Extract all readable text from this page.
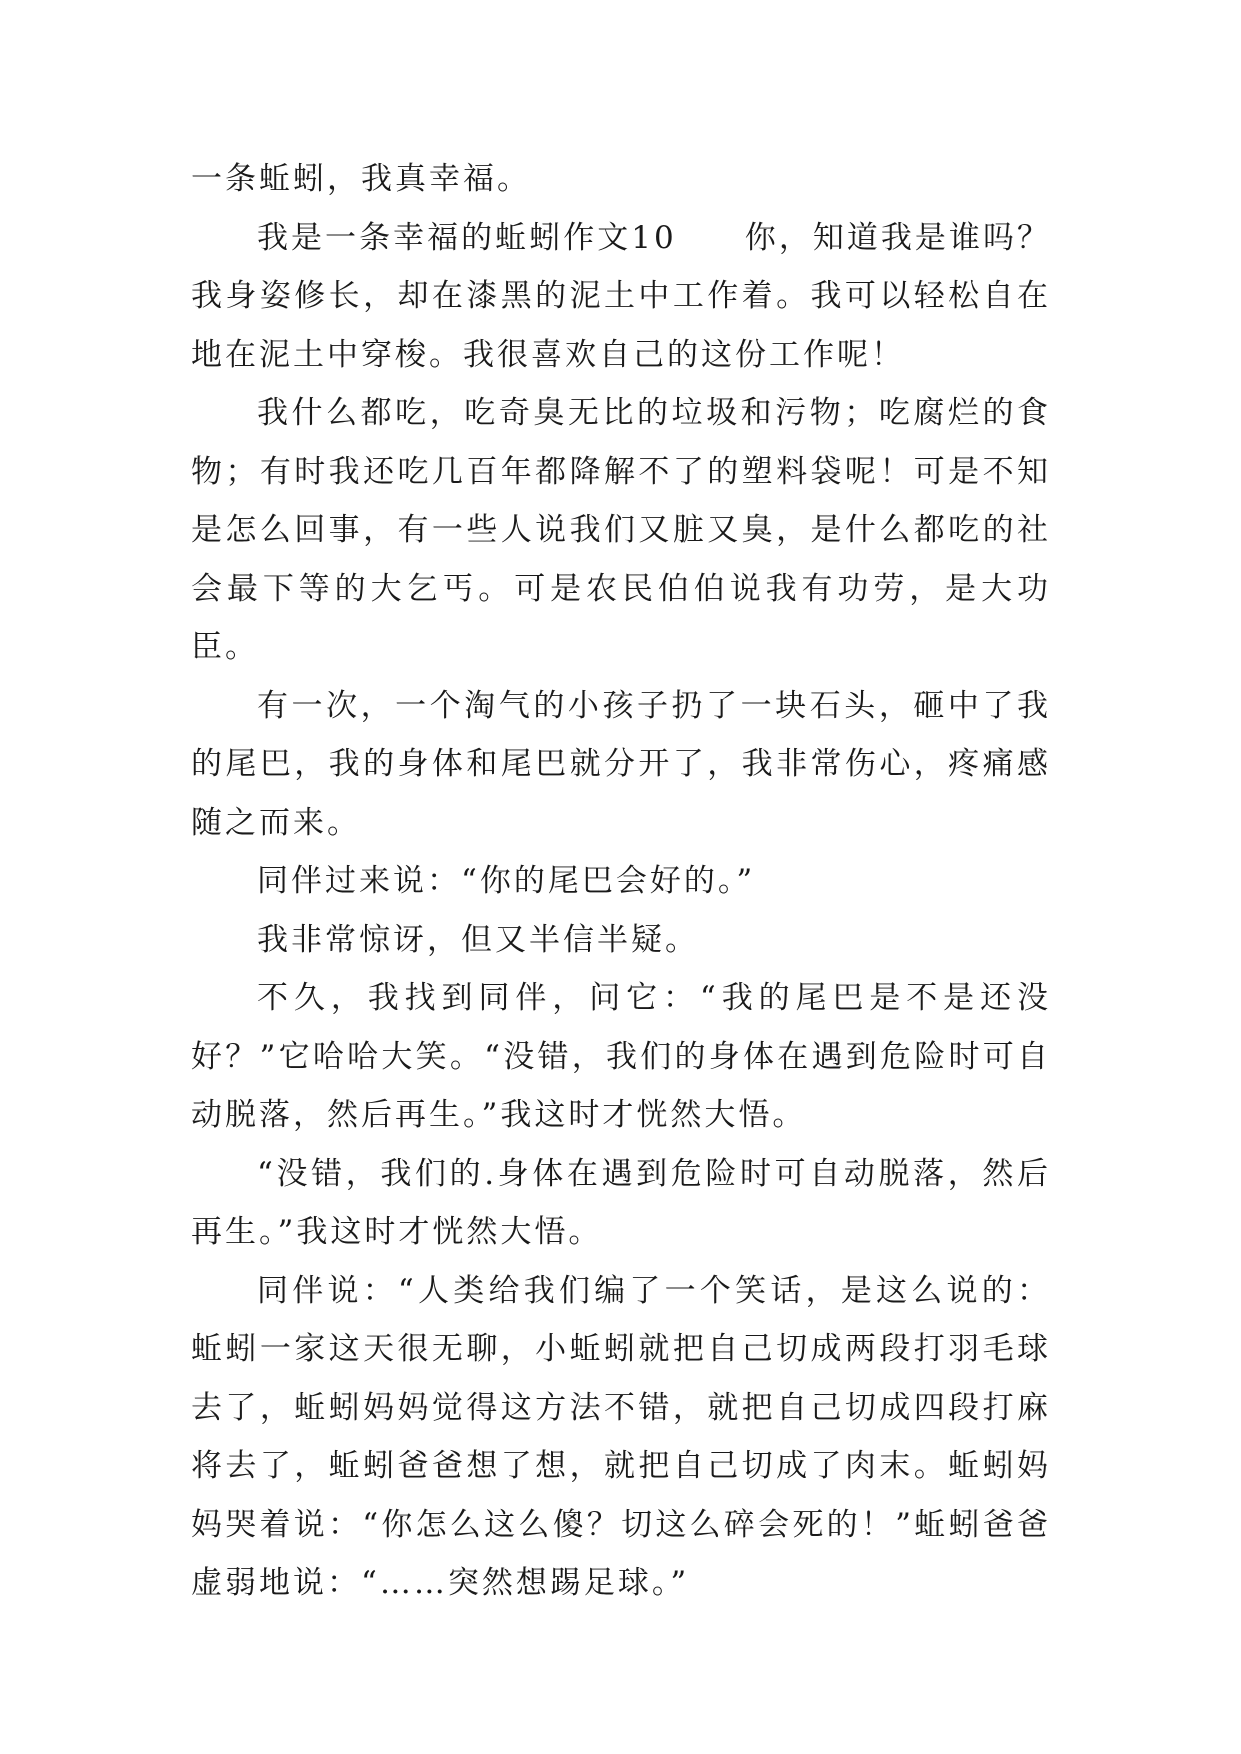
一条蚯蚓，我真幸福。

我是一条幸福的蚯蚓作文10　　你，知道我是谁吗？我身姿修长，却在漆黑的泥土中工作着。我可以轻松自在地在泥土中穿梭。我很喜欢自己的这份工作呢！

我什么都吃，吃奇臭无比的垃圾和污物；吃腐烂的食物；有时我还吃几百年都降解不了的塑料袋呢！可是不知是怎么回事，有一些人说我们又脏又臭，是什么都吃的社会最下等的大乞丐。可是农民伯伯说我有功劳，是大功臣。

有一次，一个淘气的小孩子扔了一块石头，砸中了我的尾巴，我的身体和尾巴就分开了，我非常伤心，疼痛感随之而来。

同伴过来说：“你的尾巴会好的。”

我非常惊讶，但又半信半疑。

不久，我找到同伴，问它：“我的尾巴是不是还没好？”它哈哈大笑。“没错，我们的身体在遇到危险时可自动脱落，然后再生。”我这时才恍然大悟。

“没错，我们的.身体在遇到危险时可自动脱落，然后再生。”我这时才恍然大悟。

同伴说：“人类给我们编了一个笑话，是这么说的：蚯蚓一家这天很无聊，小蚯蚓就把自己切成两段打羽毛球去了，蚯蚓妈妈觉得这方法不错，就把自己切成四段打麻将去了，蚯蚓爸爸想了想，就把自己切成了肉末。蚯蚓妈妈哭着说：“你怎么这么傻？切这么碎会死的！”蚯蚓爸爸虚弱地说：“……突然想踢足球。”
